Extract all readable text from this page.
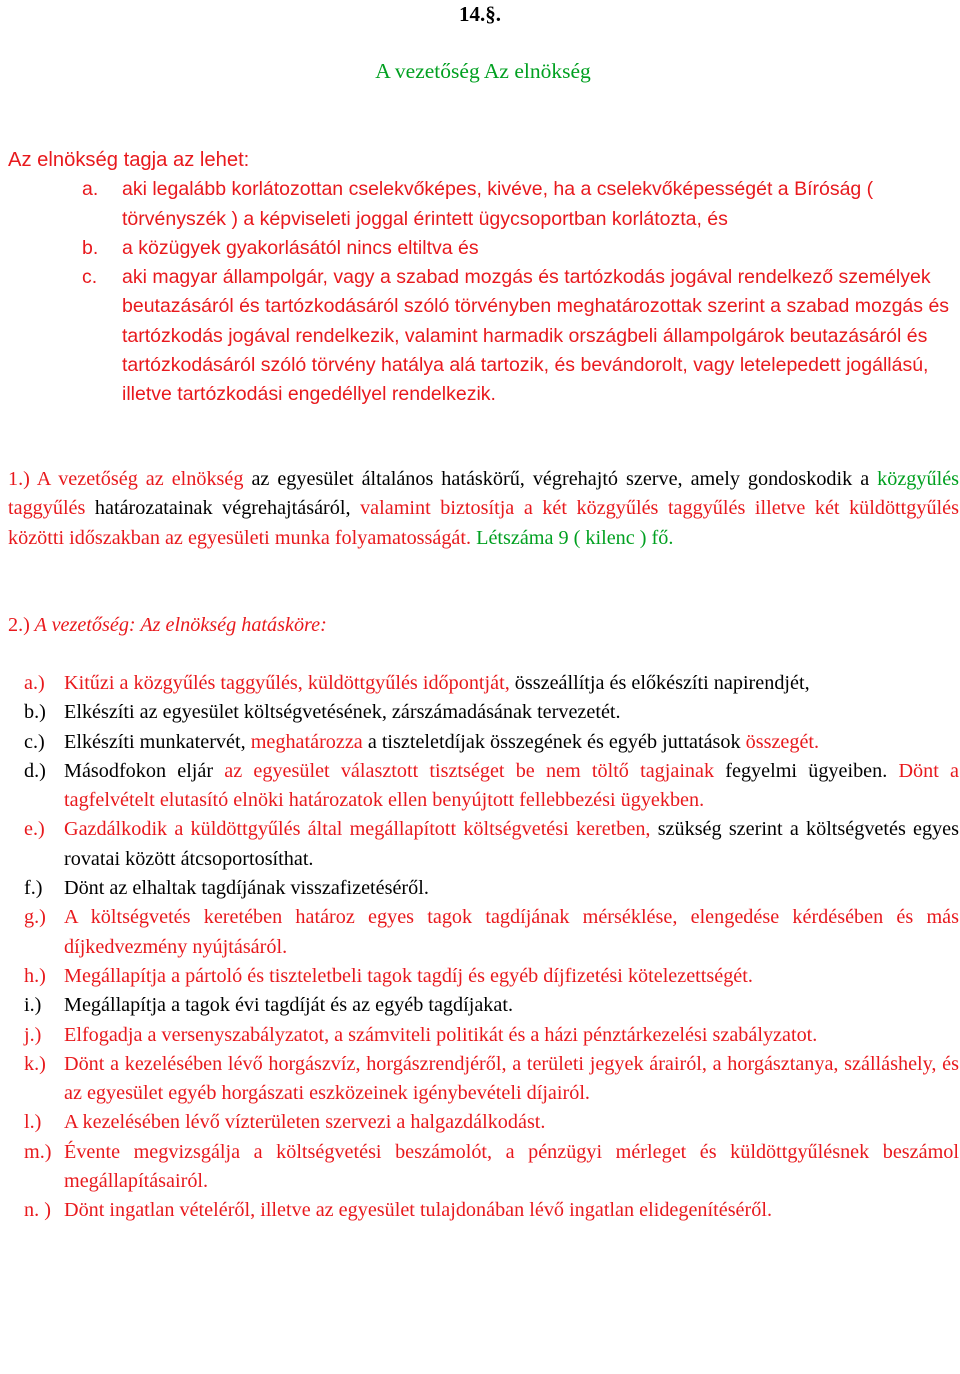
14.§.
A vezetőség Az elnökség

Az elnökség tagja az lehet:

a. aki legalább korlátozottan cselekvőképes, kivéve, ha a cselekvőképességét a Bíróság ( törvényszék ) a képviseleti joggal érintett ügycsoportban korlátozta, és
b. a közügyek gyakorlásától nincs eltiltva és
c. aki magyar állampolgár, vagy a szabad mozgás és tartózkodás jogával rendelkező személyek beutazásáról és tartózkodásáról szóló törvényben meghatározottak szerint a szabad mozgás és tartózkodás jogával rendelkezik, valamint harmadik országbeli állampolgárok beutazásáról és tartózkodásáról szóló törvény hatálya alá tartozik, és bevándorolt, vagy letelepedett jogállású, illetve tartózkodási engedéllyel rendelkezik.

1.) A vezetőség az elnökség az egyesület általános hatáskörű, végrehajtó szerve, amely gondoskodik a közgyűlés taggyűlés határozatainak végrehajtásáról, valamint biztosítja a két közgyűlés taggyűlés illetve két küldöttgyűlés közötti időszakban az egyesületi munka folyamatosságát. Létszáma 9 ( kilenc ) fő.

2.) A vezetőség: Az elnökség hatásköre:

a.) Kitűzi a közgyűlés taggyűlés, küldöttgyűlés időpontját, összeállítja és előkészíti napirendjét,
b.) Elkészíti az egyesület költségvetésének, zárszámadásának tervezetét.
c.) Elkészíti munkatervét, meghatározza a tiszteletdíjak összegének és egyéb juttatások összegét.
d.) Másodfokon eljár az egyesület választott tisztséget be nem töltő tagjainak fegyelmi ügyeiben. Dönt a tagfelvételt elutasító elnöki határozatok ellen benyújtott fellebbezési ügyekben.
e.) Gazdálkodik a küldöttgyűlés által megállapított költségvetési keretben, szükség szerint a költségvetés egyes rovatai között átcsoportosíthat.
f.) Dönt az elhaltak tagdíjának visszafizetéséről.
g.) A költségvetés keretében határoz egyes tagok tagdíjának mérséklése, elengedése kérdésében és más díjkedvezmény nyújtásáról.
h.) Megállapítja a pártoló és tiszteletbeli tagok tagdíj és egyéb díjfizetési kötelezettségét.
i.) Megállapítja a tagok évi tagdíját és az egyéb tagdíjakat.
j.) Elfogadja a versenyszabályzatot, a számviteli politikát és a házi pénztárkezelési szabályzatot.
k.) Dönt a kezelésében lévő horgászvíz, horgászrendjéről, a területi jegyek árairól, a horgásztanya, szálláshely, és az egyesület egyéb horgászati eszközeinek igénybevételi díjairól.
l.) A kezelésében lévő vízterületen szervezi a halgazdálkodást.
m.) Évente megvizsgálja a költségvetési beszámolót, a pénzügyi mérleget és küldöttgyűlésnek beszámol megállapításairól.
n. ) Dönt ingatlan vételéről, illetve az egyesület tulajdonában lévő ingatlan elidegenítéséről.
